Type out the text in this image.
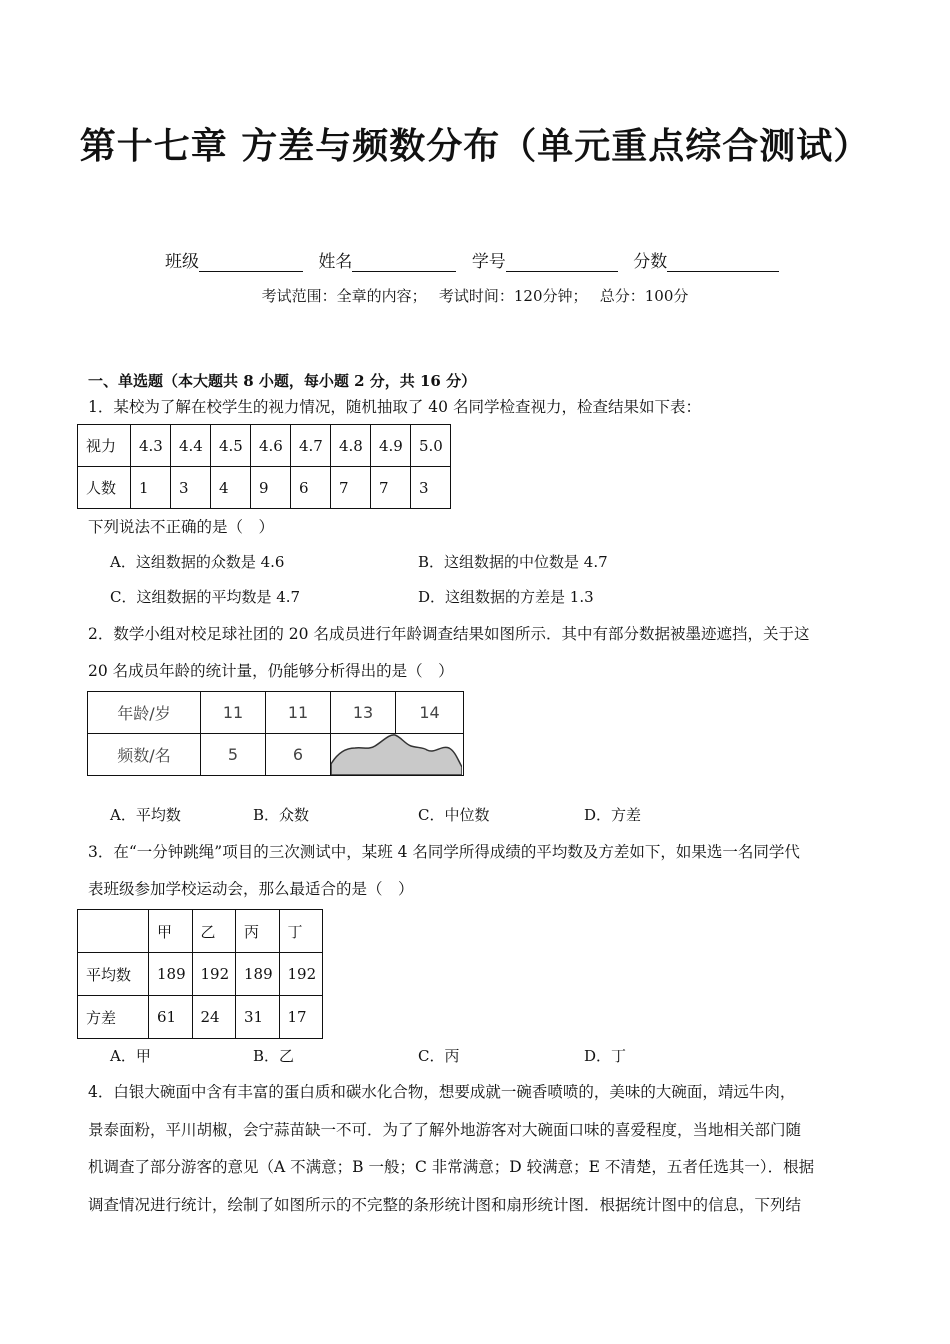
第十七章 方差与频数分布（单元重点综合测试）
班级	姓名	学号	分数
考试范围：全章的内容；　 考试时间：120分钟；　 总分：100分
一、单选题（本大题共 8 小题，每小题 2 分，共 16 分）
1．某校为了解在校学生的视力情况，随机抽取了 40 名同学检查视力，检查结果如下表：
视力	4.3	4.4	4.5	4.6	4.7	4.8	4.9	5.0
人数	1	3	4	9	6	7	7	3
下列说法不正确的是（　）
A．这组数据的众数是 4.6	B．这组数据的中位数是 4.7
C．这组数据的平均数是 4.7	D．这组数据的方差是 1.3
2．数学小组对校足球社团的 20 名成员进行年龄调查结果如图所示．其中有部分数据被墨迹遮挡，关于这
20 名成员年龄的统计量，仍能够分析得出的是（　）
年龄/岁	11	11	13	14
频数/名	5	6	
A．平均数	B．众数	C．中位数	D．方差
3．在“一分钟跳绳”项目的三次测试中，某班 4 名同学所得成绩的平均数及方差如下，如果选一名同学代
表班级参加学校运动会，那么最适合的是（　）
	甲	乙	丙	丁
平均数	189	192	189	192
方差	61	24	31	17
A．甲	B．乙	C．丙	D．丁
4．白银大碗面中含有丰富的蛋白质和碳水化合物，想要成就一碗香喷喷的，美味的大碗面，靖远牛肉，
景泰面粉，平川胡椒，会宁蒜苗缺一不可．为了了解外地游客对大碗面口味的喜爱程度，当地相关部门随
机调查了部分游客的意见（A 不满意；B 一般；C 非常满意；D 较满意；E 不清楚，五者任选其一）．根据
调查情况进行统计，绘制了如图所示的不完整的条形统计图和扇形统计图．根据统计图中的信息，下列结
